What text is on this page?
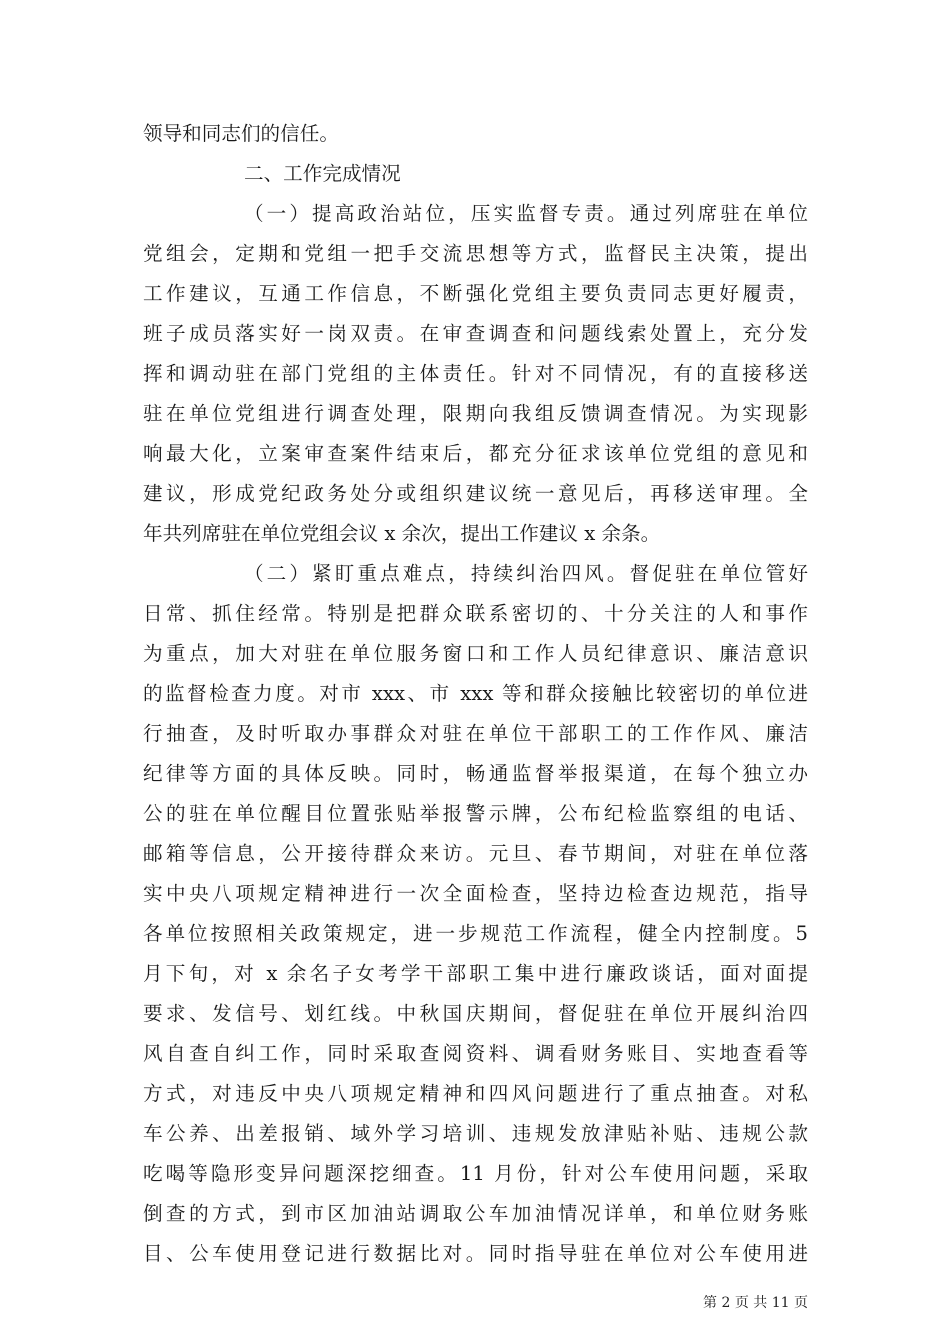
领导和同志们的信任。
二、工作完成情况
（一）提高政治站位，压实监督专责。通过列席驻在单位
党组会，定期和党组一把手交流思想等方式，监督民主决策，提出
工作建议，互通工作信息，不断强化党组主要负责同志更好履责，
班子成员落实好一岗双责。在审查调查和问题线索处置上，充分发
挥和调动驻在部门党组的主体责任。针对不同情况，有的直接移送
驻在单位党组进行调查处理，限期向我组反馈调查情况。为实现影
响最大化，立案审查案件结束后，都充分征求该单位党组的意见和
建议，形成党纪政务处分或组织建议统一意见后，再移送审理。全
年共列席驻在单位党组会议 x 余次，提出工作建议 x 余条。
（二）紧盯重点难点，持续纠治四风。督促驻在单位管好
日常、抓住经常。特别是把群众联系密切的、十分关注的人和事作
为重点，加大对驻在单位服务窗口和工作人员纪律意识、廉洁意识
的监督检查力度。对市 xxx、市 xxx 等和群众接触比较密切的单位进
行抽查，及时听取办事群众对驻在单位干部职工的工作作风、廉洁
纪律等方面的具体反映。同时，畅通监督举报渠道，在每个独立办
公的驻在单位醒目位置张贴举报警示牌，公布纪检监察组的电话、
邮箱等信息，公开接待群众来访。元旦、春节期间，对驻在单位落
实中央八项规定精神进行一次全面检查，坚持边检查边规范，指导
各单位按照相关政策规定，进一步规范工作流程，健全内控制度。5
月下旬，对 x 余名子女考学干部职工集中进行廉政谈话，面对面提
要求、发信号、划红线。中秋国庆期间，督促驻在单位开展纠治四
风自查自纠工作，同时采取查阅资料、调看财务账目、实地查看等
方式，对违反中央八项规定精神和四风问题进行了重点抽查。对私
车公养、出差报销、域外学习培训、违规发放津贴补贴、违规公款
吃喝等隐形变异问题深挖细查。11 月份，针对公车使用问题，采取
倒查的方式，到市区加油站调取公车加油情况详单，和单位财务账
目、公车使用登记进行数据比对。同时指导驻在单位对公车使用进
第 2 页 共 11 页
